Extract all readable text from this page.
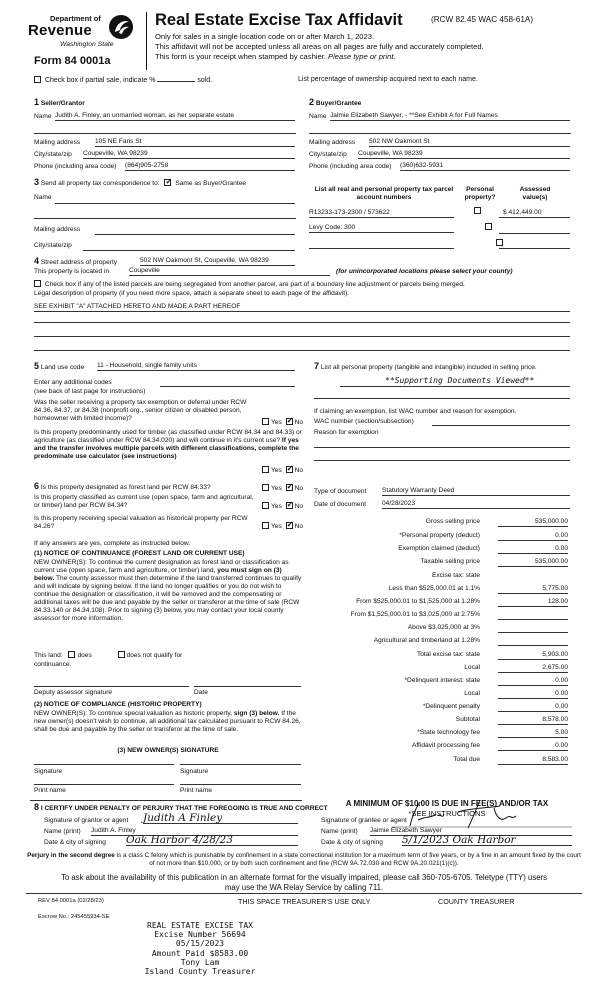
Department of
Revenue
Washington State
Form 84 0001a
Real Estate Excise Tax Affidavit	(RCW 82.45 WAC 458-61A)
Only for sales in a single location code on or after March 1, 2023.
This affidavit will not be accepted unless all areas on all pages are fully and accurately completed.
This form is your receipt when stamped by cashier. Please type or print.
Check box if partial sale, indicate %	sold.	List percentage of ownership acquired next to each name.
1 Seller/Grantor
Name Judith A. Finley, an unmarried woman, as her separate estate
Mailing address 105 NE Faris St
City/state/zip Coupeville, WA 98239
Phone (including area code) (864)905-2758
2 Buyer/Grantee
Name Jaimie Elizabeth Sawyer, - **See Exhibit A for Full Names
Mailing address 502 NW Oakmont St
City/state/zip Coupeville, WA 98239
Phone (including area code) (360)632-5931
3 Send all property tax correspondence to: ✓ Same as Buyer/Grantee
Name
Mailing address
City/state/zip
List all real and personal property tax parcel account numbers
Personal property?
Assessed value(s)
R13233-173-2300 / 573622
	$ 412,449.00
Levy Code: 300

4 Street address of property	502 NW Oakmont St, Coupeville, WA 98239
This property is located in	Coupeville	(for unincorporated locations please select your county)
Check box if any of the listed parcels are being segregated from another parcel, are part of a boundary line adjustment or parcels being merged.
Legal description of property (if you need more space, attach a separate sheet to each page of the affidavit).
SEE EXHIBIT "A" ATTACHED HERETO AND MADE A PART HEREOF
5 Land use code 11 - Household, single family units
Enter any additional codes
(see back of last page for instructions)
Was the seller receiving a property tax exemption or deferral under RCW 84.36, 84.37, or 84.38 (nonprofit org., senior citizen or disabled person, homeowner with limited income)?
Yes ✓ No
Is this property predominantly used for timber (as classified under RCW 84.34 and 84.33) or agriculture (as classified under RCW 84.34.020) and will continue in it's current use? If yes and the transfer involves multiple parcels with different classifications, complete the predominate use calculator (see instructions)
Yes ✓ No
7 List all personal property (tangible and intangible) included in selling price.
**Supporting Documents Viewed**
If claiming an exemption, list WAC number and reason for exemption.
WAC number (section/subsection)
Reason for exemption
6 Is this property designated as forest land per RCW 84.33?	Yes ✓ No
Is this property classified as current use (open space, farm and agricultural, or timber) land per RCW 84.34?	Yes ✓ No
Is this property receiving special valuation as historical property per RCW 84.26?	Yes ✓ No
If any answers are yes, complete as instructed below.
(1) NOTICE OF CONTINUANCE (FOREST LAND OR CURRENT USE)
NEW OWNER(S): To continue the current designation as forest land or classification as current use (open space, farm and agriculture, or timber) land, you must sign on (3) below. The county assessor must then determine if the land transferred continues to qualify and will indicate by signing below. If the land no longer qualifies or you do not wish to continue the designation or classification, it will be removed and the compensating or additional taxes will be due and payable by the seller or transferor at the time of sale (RCW 84.33.140 or 84.34.108). Prior to signing (3) below, you may contact your local county assessor for more information.
This land: does	does not qualify for
continuance.
Deputy assessor signature	Date
(2) NOTICE OF COMPLIANCE (HISTORIC PROPERTY)
NEW OWNER(S): To continue special valuation as historic property, sign (3) below. If the new owner(s) doesn't wish to continue, all additional tax calculated pursuant to RCW 84.26, shall be due and payable by the seller or transferor at the time of sale.
(3) NEW OWNER(S) SIGNATURE
Signature	Signature
Print name	Print name
Type of document Statutory Warranty Deed
Date of document 04/28/2023
Gross selling price	535,000.00
*Personal property (deduct)	0.00
Exemption claimed (deduct)	0.00
Taxable selling price	535,000.00
Excise tax: state
Less than $525,000.01 at 1.1%	5,775.00
From $525,000.01 to $1,525,000 at 1.28%	128.00
From $1,525,000.01 to $3,025,000 at 2.75%
Above $3,025,000 at 3%
Agricultural and timberland at 1.28%
Total excise tax: state	5,903.00
Local	2,675.00
*Delinquent interest: state	0.00
Local	0.00
*Delinquent penalty	0.00
Subtotal	8,578.00
*State technology fee	5.00
Affidavit processing fee	0.00
Total due	8,583.00
A MINIMUM OF $10.00 IS DUE IN FEE(S) AND/OR TAX
*SEE INSTRUCTIONS
8 I CERTIFY UNDER PENALTY OF PERJURY THAT THE FOREGOING IS TRUE AND CORRECT
Signature of grantor or agent Judith A Finley
Name (print) Judith A. Finley
Date & city of signing Oak Harbor 4/28/23
Signature of grantee or agent
Name (print) Jaimie Elizabeth Sawyer
Date & city of signing 5/1/2023 Oak Harbor
Perjury in the second degree is a class C felony which is punishable by confinement in a state correctional institution for a maximum term of five years, or by a fine in an amount fixed by the court of not more than $10,000, or by both such confinement and fine (RCW 9A.72.030 and RCW 9A.20.021(1)(c)).
To ask about the availability of this publication in an alternate format for the visually impaired, please call 360-705-6705. Teletype (TTY) users may use the WA Relay Service by calling 711.
REV 84 0001a (02/28/23)	THIS SPACE TREASURER'S USE ONLY	COUNTY TREASURER
Escrow No.: 245455934-SE
REAL ESTATE EXCISE TAX
Excise Number 56694
05/15/2023
Amount Paid $8583.00
Tony Lam
Island County Treasurer
